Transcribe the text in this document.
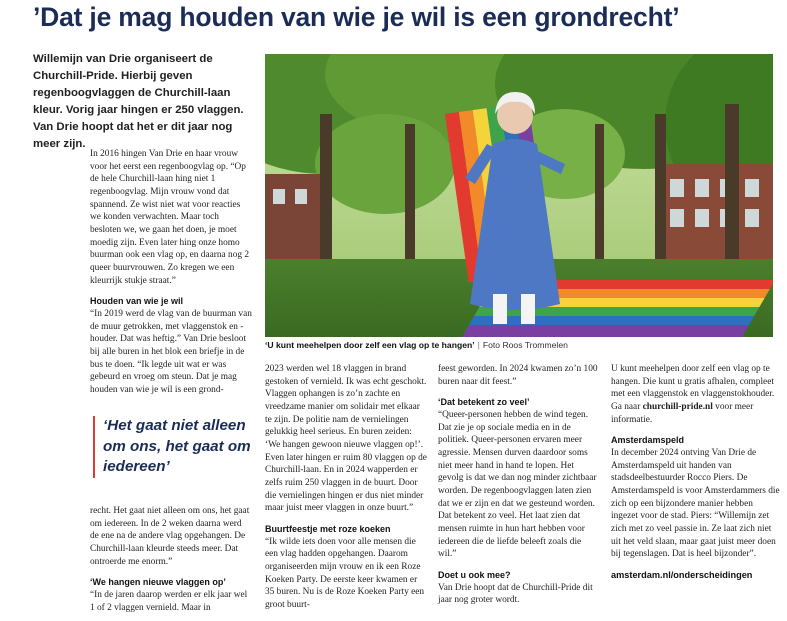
’Dat je mag houden van wie je wil is een grondrecht’
Willemijn van Drie organiseert de Churchill-Pride. Hierbij geven regenboogvlaggen de Churchill-laan kleur. Vorig jaar hingen er 250 vlaggen. Van Drie hoopt dat het er dit jaar nog meer zijn.
‘U kunt meehelpen door zelf een vlag op te hangen’ | Foto Roos Trommelen

In 2016 hingen Van Drie en haar vrouw voor het eerst een regenboogvlag op. “Op de hele Churchill-laan hing niet 1 regenboogvlag. Mijn vrouw vond dat spannend. Ze wist niet wat voor reacties we konden verwachten. Maar toch besloten we, we gaan het doen, je moet moedig zijn. Even later hing onze homo buurman ook een vlag op, en daarna nog 2 queer buurvrouwen. Zo kregen we een kleurrijk stukje straat.”

Houden van wie je wil

“In 2019 werd de vlag van de buurman van de muur getrokken, met vlaggenstok en -houder. Dat was heftig.” Van Drie besloot bij alle buren in het blok een briefje in de bus te doen. “Ik legde uit wat er was gebeurd en vroeg om steun. Dat je mag houden van wie je wil is een grond-

‘Het gaat niet alleen om ons, het gaat om iedereen’

recht. Het gaat niet alleen om ons, het gaat om iedereen. In de 2 weken daarna werd de ene na de andere vlag opgehangen. De Churchill-laan kleurde steeds meer. Dat ontroerde me enorm.”

‘We hangen nieuwe vlaggen op’

“In de jaren daarop werden er elk jaar wel 1 of 2 vlaggen vernield. Maar in

2023 werden wel 18 vlaggen in brand gestoken of vernield. Ik was echt geschokt. Vlaggen ophangen is zo’n zachte en vreedzame manier om solidair met elkaar te zijn. De politie nam de vernielingen gelukkig heel serieus. En buren zeiden: ‘We hangen gewoon nieuwe vlaggen op!’. Even later hingen er ruim 80 vlaggen op de Churchill-laan. En in 2024 wapperden er zelfs ruim 250 vlaggen in de buurt. Door die vernielingen hingen er dus niet minder maar juist meer vlaggen in onze buurt.”

Buurtfeestje met roze koeken

“Ik wilde iets doen voor alle mensen die een vlag hadden opgehangen. Daarom organiseerden mijn vrouw en ik een Roze Koeken Party. De eerste keer kwamen er 35 buren. Nu is de Roze Koeken Party een groot buurt-

feest geworden. In 2024 kwamen zo’n 100 buren naar dit feest.”

‘Dat betekent zo veel’

“Queer-personen hebben de wind tegen. Dat zie je op sociale media en in de politiek. Queer-personen ervaren meer agressie. Mensen durven daardoor soms niet meer hand in hand te lopen. Het gevolg is dat we dan nog minder zichtbaar worden. De regenboogvlaggen laten zien dat we er zijn en dat we gesteund worden. Dat betekent zo veel. Het laat zien dat mensen ruimte in hun hart hebben voor iedereen die de liefde beleeft zoals die wil.”

Doet u ook mee?

Van Drie hoopt dat de Churchill-Pride dit jaar nog groter wordt.

U kunt meehelpen door zelf een vlag op te hangen. Die kunt u gratis afhalen, compleet met een vlaggenstok en vlaggenstokhouder. Ga naar churchill-pride.nl voor meer informatie.

Amsterdamspeld

In december 2024 ontving Van Drie de Amsterdamspeld uit handen van stadsdeelbestuurder Rocco Piers. De Amsterdamspeld is voor Amsterdammers die zich op een bijzondere manier hebben ingezet voor de stad. Piers: “Willemijn zet zich met zo veel passie in. Ze laat zich niet uit het veld slaan, maar gaat juist meer doen bij tegenslagen. Dat is heel bijzonder”.

amsterdam.nl/onderscheidingen
